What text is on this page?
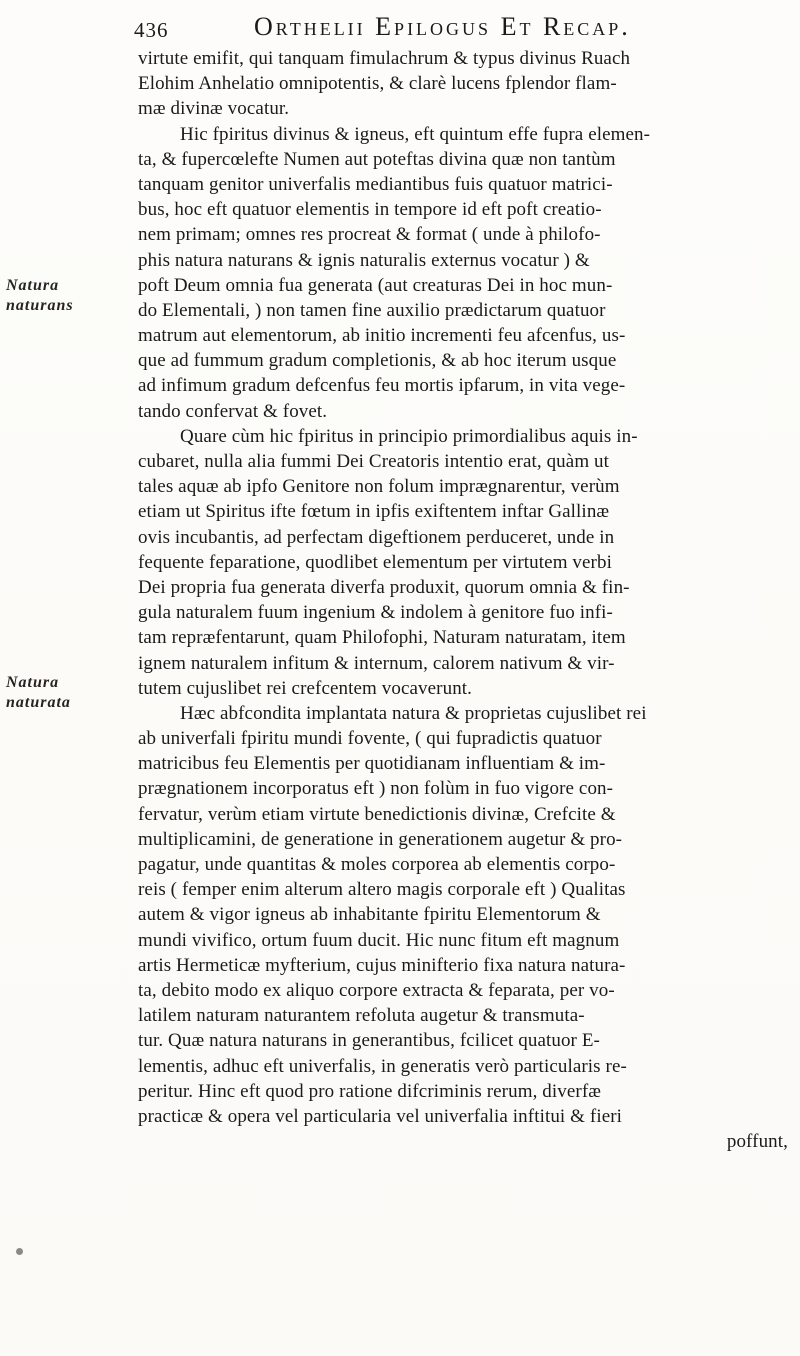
436	Orthelii Epilogus Et Recap.
Natura
naturans
Natura
naturata
virtute emifit, qui tanquam fimulachrum & typus divinus Ruach
Elohim Anhelatio omnipotentis, & clarè lucens fplendor flam-
mæ divinæ vocatur.
Hic fpiritus divinus & igneus, eft quintum effe fupra elemen-
ta, & fupercœlefte Numen aut poteftas divina quæ non tantùm
tanquam genitor univerfalis mediantibus fuis quatuor matrici-
bus, hoc eft quatuor elementis in tempore id eft poft creatio-
nem primam; omnes res procreat & format ( unde à philofo-
phis natura naturans & ignis naturalis externus vocatur ) &
poft Deum omnia fua generata (aut creaturas Dei in hoc mun-
do Elementali, ) non tamen fine auxilio prædictarum quatuor
matrum aut elementorum, ab initio incrementi feu afcenfus, us-
que ad fummum gradum completionis, & ab hoc iterum usque
ad infimum gradum defcenfus feu mortis ipfarum, in vita vege-
tando confervat & fovet.
Quare cùm hic fpiritus in principio primordialibus aquis in-
cubaret, nulla alia fummi Dei Creatoris intentio erat, quàm ut
tales aquæ ab ipfo Genitore non folum imprægnarentur, verùm
etiam ut Spiritus ifte fœtum in ipfis exiftentem inftar Gallinæ
ovis incubantis, ad perfectam digeftionem perduceret, unde in
fequente feparatione, quodlibet elementum per virtutem verbi
Dei propria fua generata diverfa produxit, quorum omnia & fin-
gula naturalem fuum ingenium & indolem à genitore fuo infi-
tam repræfentarunt, quam Philofophi, Naturam naturatam, item
ignem naturalem infitum & internum, calorem nativum & vir-
tutem cujuslibet rei crefcentem vocaverunt.
Hæc abfcondita implantata natura & proprietas cujuslibet rei
ab univerfali fpiritu mundi fovente, ( qui fupradictis quatuor
matricibus feu Elementis per quotidianam influentiam & im-
prægnationem incorporatus eft ) non folùm in fuo vigore con-
fervatur, verùm etiam virtute benedictionis divinæ, Crefcite &
multiplicamini, de generatione in generationem augetur & pro-
pagatur, unde quantitas & moles corporea ab elementis corpo-
reis ( femper enim alterum altero magis corporale eft ) Qualitas
autem & vigor igneus ab inhabitante fpiritu Elementorum &
mundi vivifico, ortum fuum ducit. Hic nunc fitum eft magnum
artis Hermeticæ myfterium, cujus minifterio fixa natura natura-
ta, debito modo ex aliquo corpore extracta & feparata, per vo-
latilem naturam naturantem refoluta augetur & transmuta-
tur. Quæ natura naturans in generantibus, fcilicet quatuor E-
lementis, adhuc eft univerfalis, in generatis verò particularis re-
peritur. Hinc eft quod pro ratione difcriminis rerum, diverfæ
practicæ & opera vel particularia vel univerfalia inftitui & fieri
poffunt,
